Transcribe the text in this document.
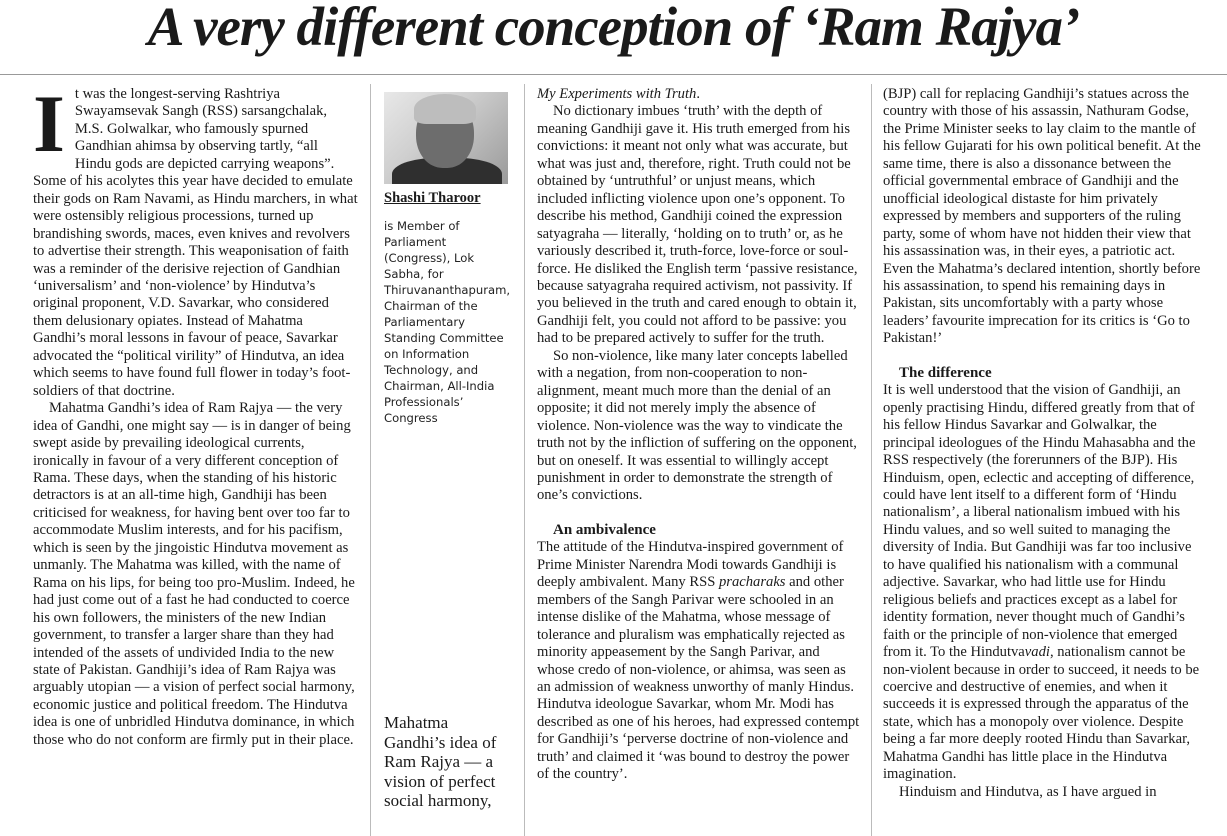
A very different conception of ‘Ram Rajya’

It was the longest-serving Rashtriya Swayamsevak Sangh (RSS) sarsangchalak, M.S. Golwalkar, who famously spurned Gandhian ahimsa by observing tartly, “all Hindu gods are depicted carrying weapons”. Some of his acolytes this year have decided to emulate their gods on Ram Navami, as Hindu marchers, in what were ostensibly religious processions, turned up brandishing swords, maces, even knives and revolvers to advertise their strength. This weaponisation of faith was a reminder of the derisive rejection of Gandhian ‘universalism’ and ‘non-violence’ by Hindutva’s original proponent, V.D. Savarkar, who considered them delusionary opiates. Instead of Mahatma Gandhi’s moral lessons in favour of peace, Savarkar advocated the “political virility” of Hindutva, an idea which seems to have found full flower in today’s foot-soldiers of that doctrine.

Mahatma Gandhi’s idea of Ram Rajya — the very idea of Gandhi, one might say — is in danger of being swept aside by prevailing ideological currents, ironically in favour of a very different conception of Rama. These days, when the standing of his historic detractors is at an all-time high, Gandhiji has been criticised for weakness, for having bent over too far to accommodate Muslim interests, and for his pacifism, which is seen by the jingoistic Hindutva movement as unmanly. The Mahatma was killed, with the name of Rama on his lips, for being too pro-Muslim. Indeed, he had just come out of a fast he had conducted to coerce his own followers, the ministers of the new Indian government, to transfer a larger share than they had intended of the assets of undivided India to the new state of Pakistan. Gandhiji’s idea of Ram Rajya was arguably utopian — a vision of perfect social harmony, economic justice and political freedom. The Hindutva idea is one of unbridled Hindutva dominance, in which those who do not conform are firmly put in their place.

Shashi Tharoor
is Member of Parliament (Congress), Lok Sabha, for Thiruvananthapuram, Chairman of the Parliamentary Standing Committee on Information Technology, and Chairman, All-India Professionals’ Congress
Mahatma Gandhi’s idea of Ram Rajya — a vision of perfect social harmony,

My Experiments with Truth.

No dictionary imbues ‘truth’ with the depth of meaning Gandhiji gave it. His truth emerged from his convictions: it meant not only what was accurate, but what was just and, therefore, right. Truth could not be obtained by ‘untruthful’ or unjust means, which included inflicting violence upon one’s opponent. To describe his method, Gandhiji coined the expression satyagraha — literally, ‘holding on to truth’ or, as he variously described it, truth-force, love-force or soul-force. He disliked the English term ‘passive resistance, because satyagraha required activism, not passivity. If you believed in the truth and cared enough to obtain it, Gandhiji felt, you could not afford to be passive: you had to be prepared actively to suffer for the truth.

So non-violence, like many later concepts labelled with a negation, from non-cooperation to non-alignment, meant much more than the denial of an opposite; it did not merely imply the absence of violence. Non-violence was the way to vindicate the truth not by the infliction of suffering on the opponent, but on oneself. It was essential to willingly accept punishment in order to demonstrate the strength of one’s convictions.

An ambivalence

The attitude of the Hindutva-inspired government of Prime Minister Narendra Modi towards Gandhiji is deeply ambivalent. Many RSS pracharaks and other members of the Sangh Parivar were schooled in an intense dislike of the Mahatma, whose message of tolerance and pluralism was emphatically rejected as minority appeasement by the Sangh Parivar, and whose credo of non-violence, or ahimsa, was seen as an admission of weakness unworthy of manly Hindus. Hindutva ideologue Savarkar, whom Mr. Modi has described as one of his heroes, had expressed contempt for Gandhiji’s ‘perverse doctrine of non-violence and truth’ and claimed it ‘was bound to destroy the power of the country’.

(BJP) call for replacing Gandhiji’s statues across the country with those of his assassin, Nathuram Godse, the Prime Minister seeks to lay claim to the mantle of his fellow Gujarati for his own political benefit. At the same time, there is also a dissonance between the official governmental embrace of Gandhiji and the unofficial ideological distaste for him privately expressed by members and supporters of the ruling party, some of whom have not hidden their view that his assassination was, in their eyes, a patriotic act. Even the Mahatma’s declared intention, shortly before his assassination, to spend his remaining days in Pakistan, sits uncomfortably with a party whose leaders’ favourite imprecation for its critics is ‘Go to Pakistan!’

The difference

It is well understood that the vision of Gandhiji, an openly practising Hindu, differed greatly from that of his fellow Hindus Savarkar and Golwalkar, the principal ideologues of the Hindu Mahasabha and the RSS respectively (the forerunners of the BJP). His Hinduism, open, eclectic and accepting of difference, could have lent itself to a different form of ‘Hindu nationalism’, a liberal nationalism imbued with his Hindu values, and so well suited to managing the diversity of India. But Gandhiji was far too inclusive to have qualified his nationalism with a communal adjective. Savarkar, who had little use for Hindu religious beliefs and practices except as a label for identity formation, never thought much of Gandhi’s faith or the principle of non-violence that emerged from it. To the Hindutvavadi, nationalism cannot be non-violent because in order to succeed, it needs to be coercive and destructive of enemies, and when it succeeds it is expressed through the apparatus of the state, which has a monopoly over violence. Despite being a far more deeply rooted Hindu than Savarkar, Mahatma Gandhi has little place in the Hindutva imagination.

Hinduism and Hindutva, as I have argued in
